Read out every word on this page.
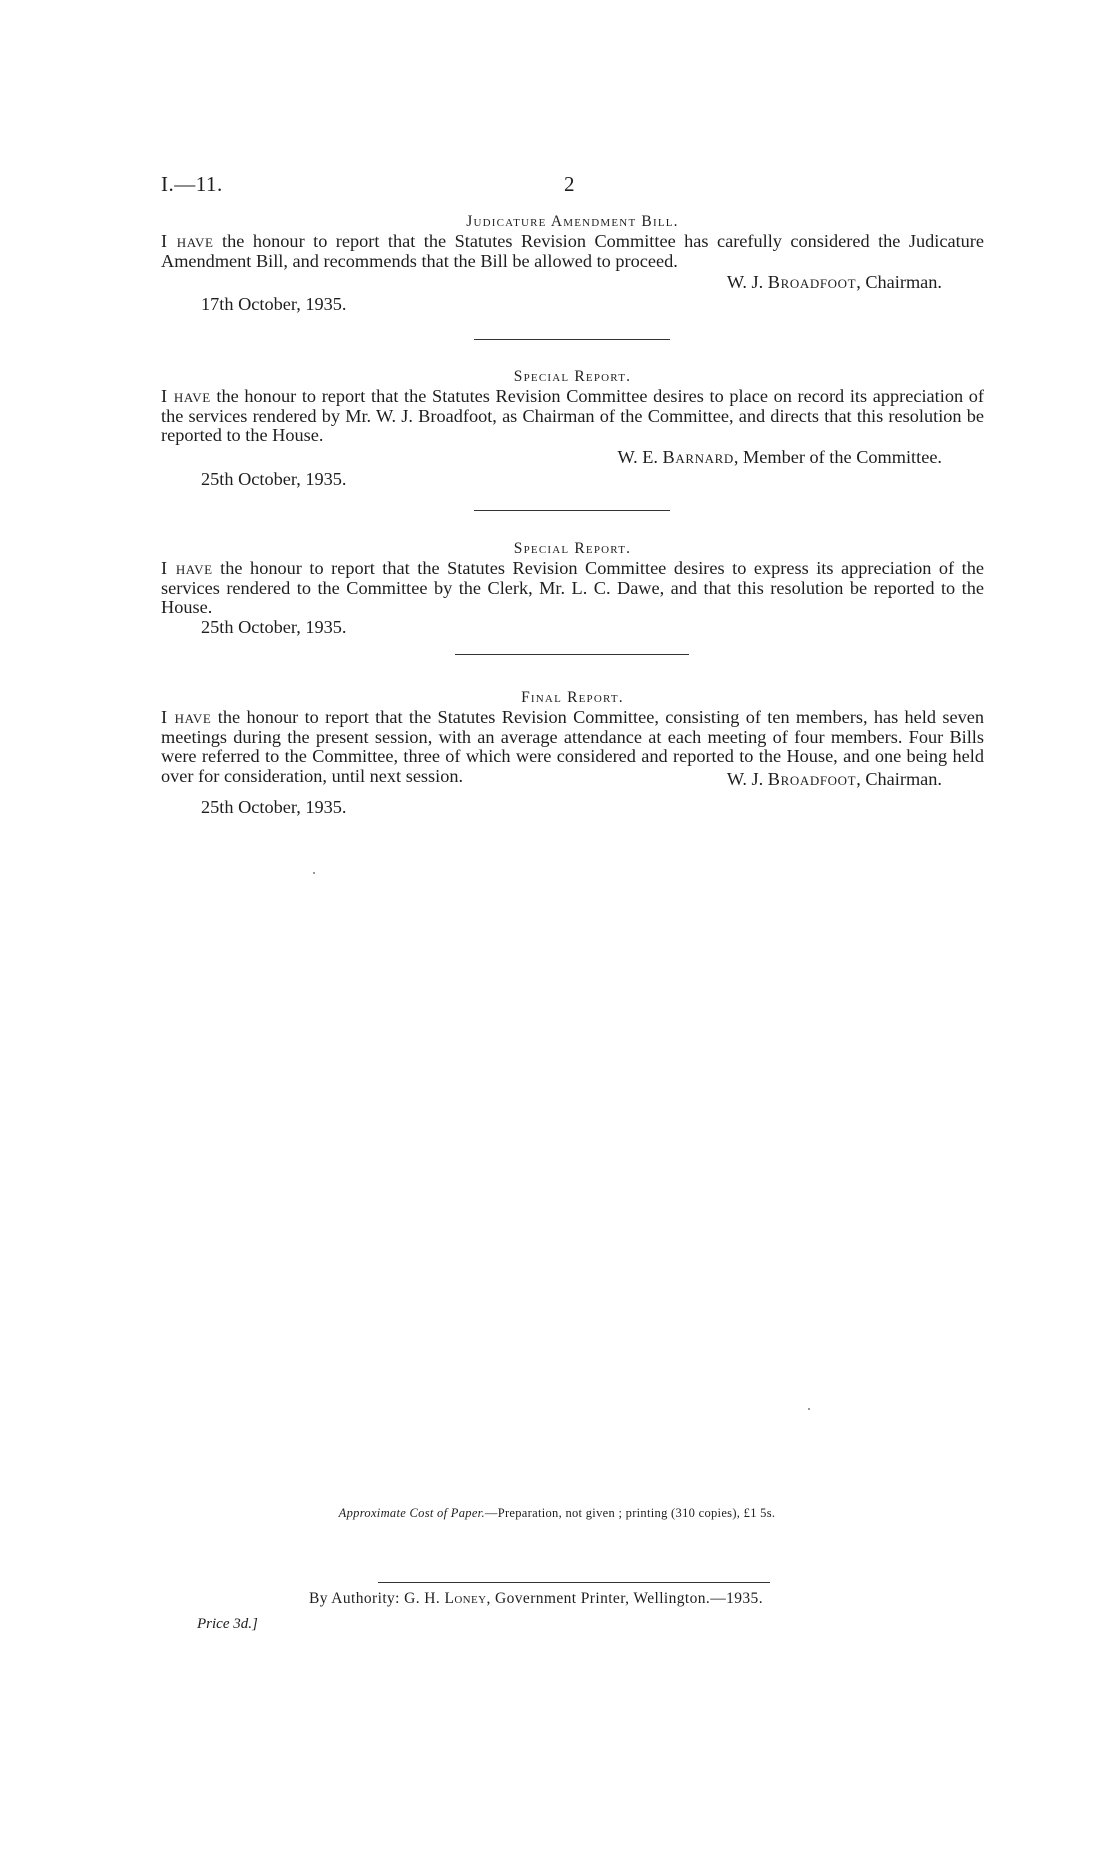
I.—11.	2

Judicature Amendment Bill.

I have the honour to report that the Statutes Revision Committee has carefully considered the Judicature Amendment Bill, and recommends that the Bill be allowed to proceed.

W. J. Broadfoot, Chairman.

17th October, 1935.

Special Report.

I have the honour to report that the Statutes Revision Committee desires to place on record its appreciation of the services rendered by Mr. W. J. Broadfoot, as Chairman of the Committee, and directs that this resolution be reported to the House.

W. E. Barnard, Member of the Committee.

25th October, 1935.

Special Report.

I have the honour to report that the Statutes Revision Committee desires to express its appreciation of the services rendered to the Committee by the Clerk, Mr. L. C. Dawe, and that this resolution be reported to the House.

25th October, 1935.

Final Report.

I have the honour to report that the Statutes Revision Committee, consisting of ten members, has held seven meetings during the present session, with an average attendance at each meeting of four members. Four Bills were referred to the Committee, three of which were considered and reported to the House, and one being held over for consideration, until next session.	W. J. Broadfoot, Chairman.

25th October, 1935.

Approximate Cost of Paper.—Preparation, not given ; printing (310 copies), £1 5s.
By Authority: G. H. Loney, Government Printer, Wellington.—1935.
Price 3d.]
